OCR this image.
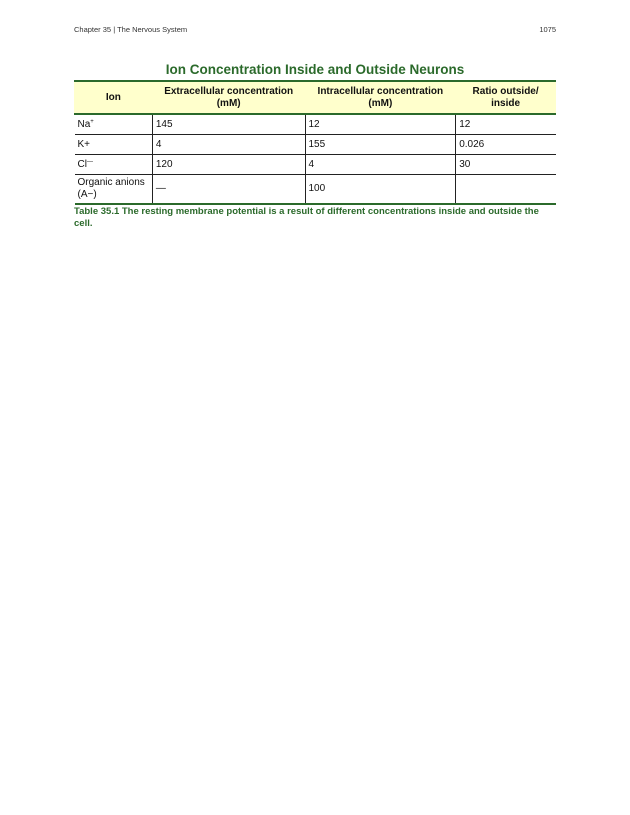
Chapter 35 | The Nervous System	1075
Ion Concentration Inside and Outside Neurons
Ion	Extracellular concentration (mM)	Intracellular concentration (mM)	Ratio outside/ inside
Na+	145	12	12
K+	4	155	0.026
Cl—	120	4	30
Organic anions (A−)	—	100	
Table 35.1 The resting membrane potential is a result of different concentrations inside and outside the cell.
